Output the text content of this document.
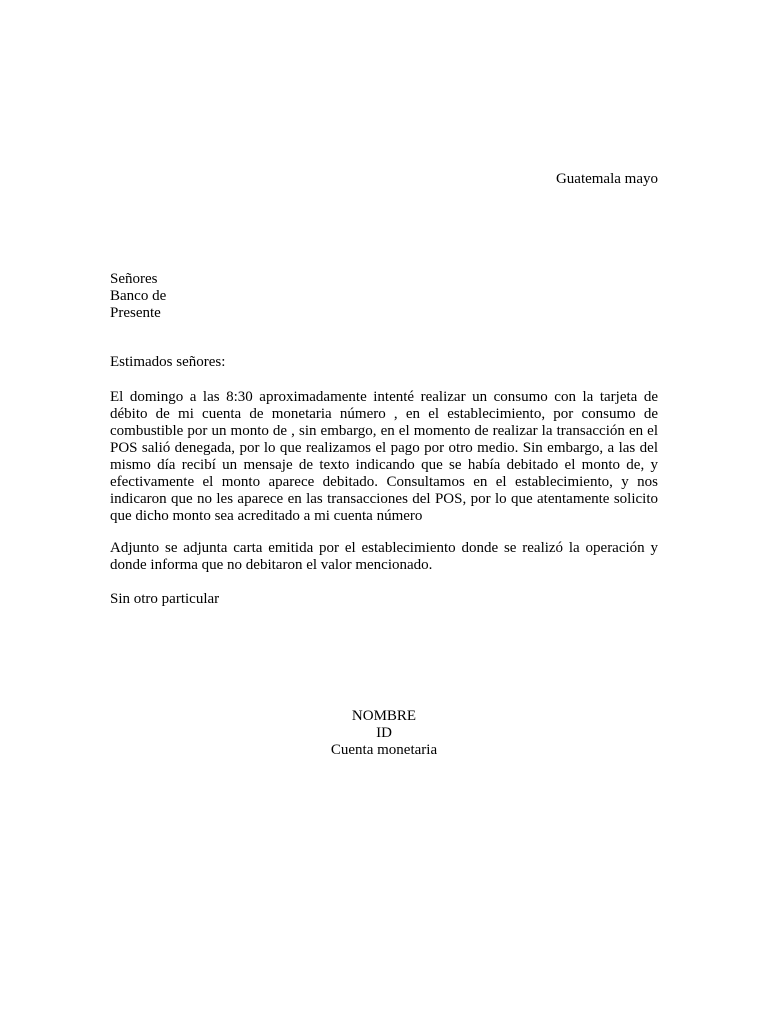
Guatemala mayo
Señores
Banco de
Presente
Estimados señores:
El domingo a las 8:30 aproximadamente intenté realizar un consumo con la tarjeta de débito de mi cuenta de monetaria número , en el establecimiento, por consumo de combustible por un monto de , sin embargo, en el momento de realizar la transacción en el POS salió denegada, por lo que realizamos el pago por otro medio. Sin embargo, a las del mismo día recibí un mensaje de texto indicando que se había debitado el monto de, y efectivamente el monto aparece debitado. Consultamos en el establecimiento, y nos indicaron que no les aparece en las transacciones del POS, por lo que atentamente solicito que dicho monto sea acreditado a mi cuenta número
Adjunto se adjunta carta emitida por el establecimiento donde se realizó la operación y donde informa que no debitaron el valor mencionado.
Sin otro particular
NOMBRE
ID
Cuenta monetaria
